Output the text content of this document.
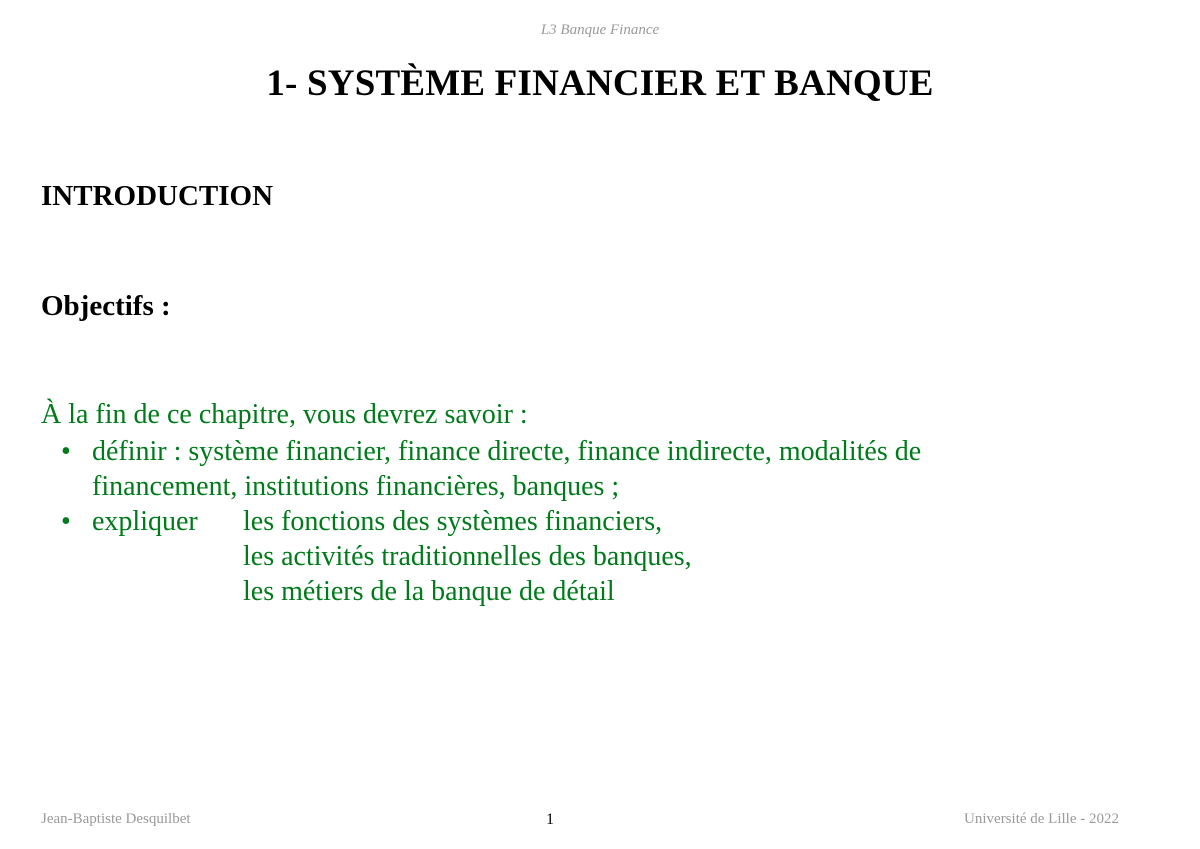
L3 Banque Finance
1- SYSTÈME FINANCIER ET BANQUE
INTRODUCTION
Objectifs :
À la fin de ce chapitre, vous devrez savoir :
• définir : système financier, finance directe, finance indirecte, modalités de
financement, institutions financières, banques ;
• expliquer	les fonctions des systèmes financiers,
les activités traditionnelles des banques,
les métiers de la banque de détail
Jean-Baptiste Desquilbet	1	Université de Lille - 2022
